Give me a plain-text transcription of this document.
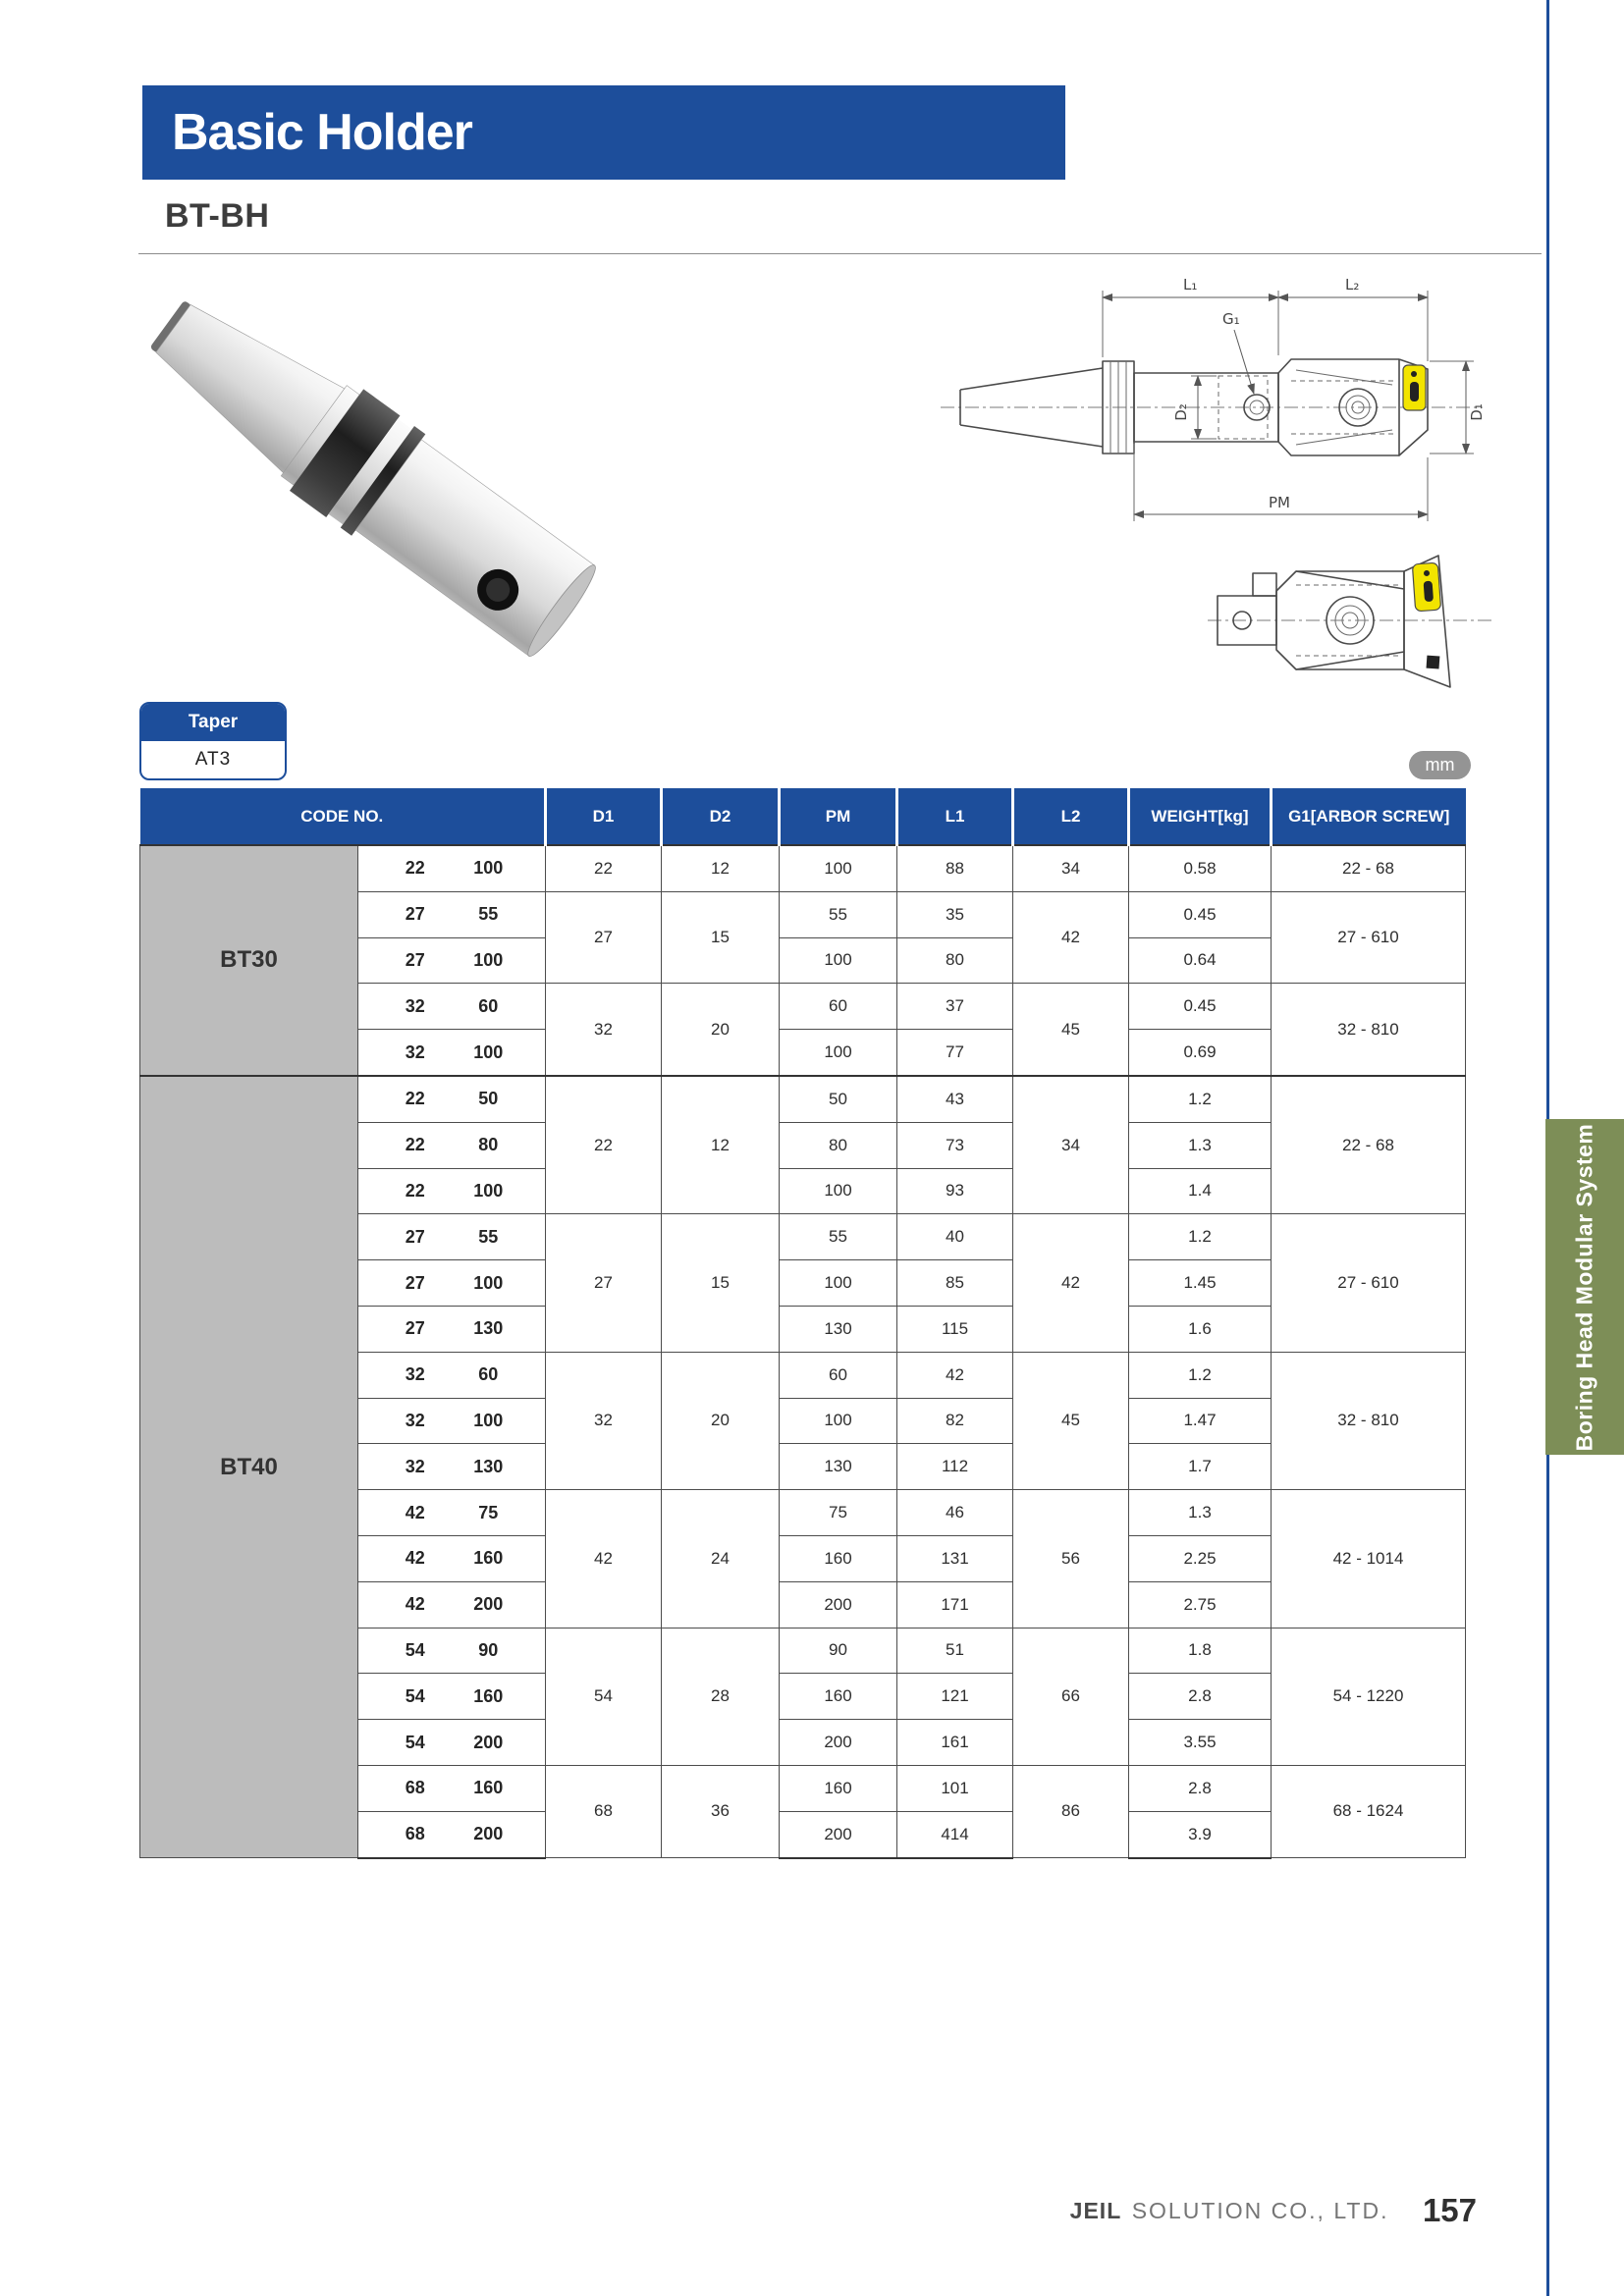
Boring Head Modular System
Basic Holder
BT-BH
L₁	L₂
G₁
D₂	D₁
PM
Taper
AT3	mm
CODE NO.		D1	D2	PM	L1	L2	WEIGHT[kg]	G1[ARBOR SCREW]
BT30	22 100	22	12	100	88	34	0.58	22 - 68

	27 55	27	15	55	35	42	0.45	27 - 610

	27 100			100	80		0.64	

	32 60	32	20	60	37	45	0.45	32 - 810

	32 100			100	77		0.69	
BT40	22 50	22	12	50	43	34	1.2	22 - 68

	22 80			80	73		1.3	

	22 100			100	93		1.4	

	27 55	27	15	55	40	42	1.2	27 - 610

	27 100			100	85		1.45	

	27 130			130	115		1.6	

	32 60	32	20	60	42	45	1.2	32 - 810

	32 100			100	82		1.47	

	32 130			130	112		1.7	

	42 75	42	24	75	46	56	1.3	42 - 1014

	42 160			160	131		2.25	

	42 200			200	171		2.75	

	54 90	54	28	90	51	66	1.8	54 - 1220

	54 160			160	121		2.8	

	54 200			200	161		3.55	

	68 160	68	36	160	101	86	2.8	68 - 1624

	68 200			200	414		3.9	
JEIL SOLUTION CO., LTD. 157
